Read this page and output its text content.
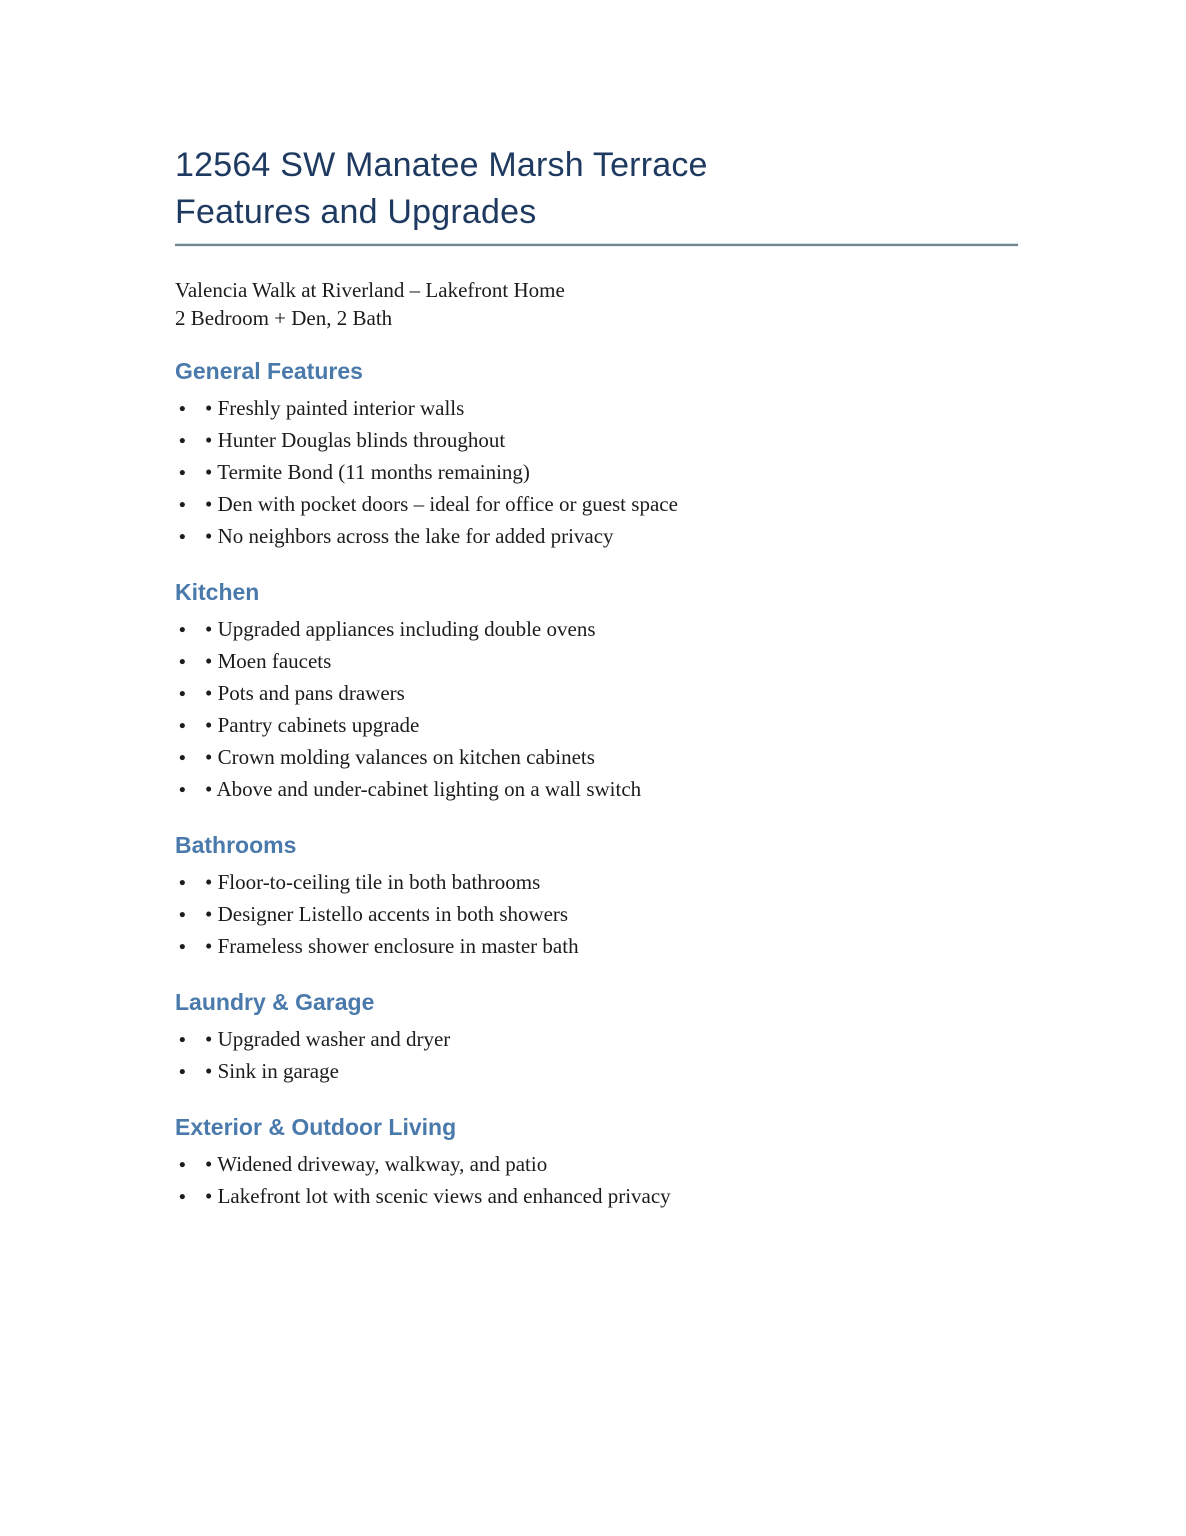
12564 SW Manatee Marsh Terrace
Features and Upgrades

Valencia Walk at Riverland – Lakefront Home
2 Bedroom + Den, 2 Bath

General Features
• • Freshly painted interior walls
• • Hunter Douglas blinds throughout
• • Termite Bond (11 months remaining)
• • Den with pocket doors – ideal for office or guest space
• • No neighbors across the lake for added privacy
Kitchen
• • Upgraded appliances including double ovens
• • Moen faucets
• • Pots and pans drawers
• • Pantry cabinets upgrade
• • Crown molding valances on kitchen cabinets
• • Above and under-cabinet lighting on a wall switch
Bathrooms
• • Floor-to-ceiling tile in both bathrooms
• • Designer Listello accents in both showers
• • Frameless shower enclosure in master bath
Laundry & Garage
• • Upgraded washer and dryer
• • Sink in garage
Exterior & Outdoor Living
• • Widened driveway, walkway, and patio
• • Lakefront lot with scenic views and enhanced privacy
